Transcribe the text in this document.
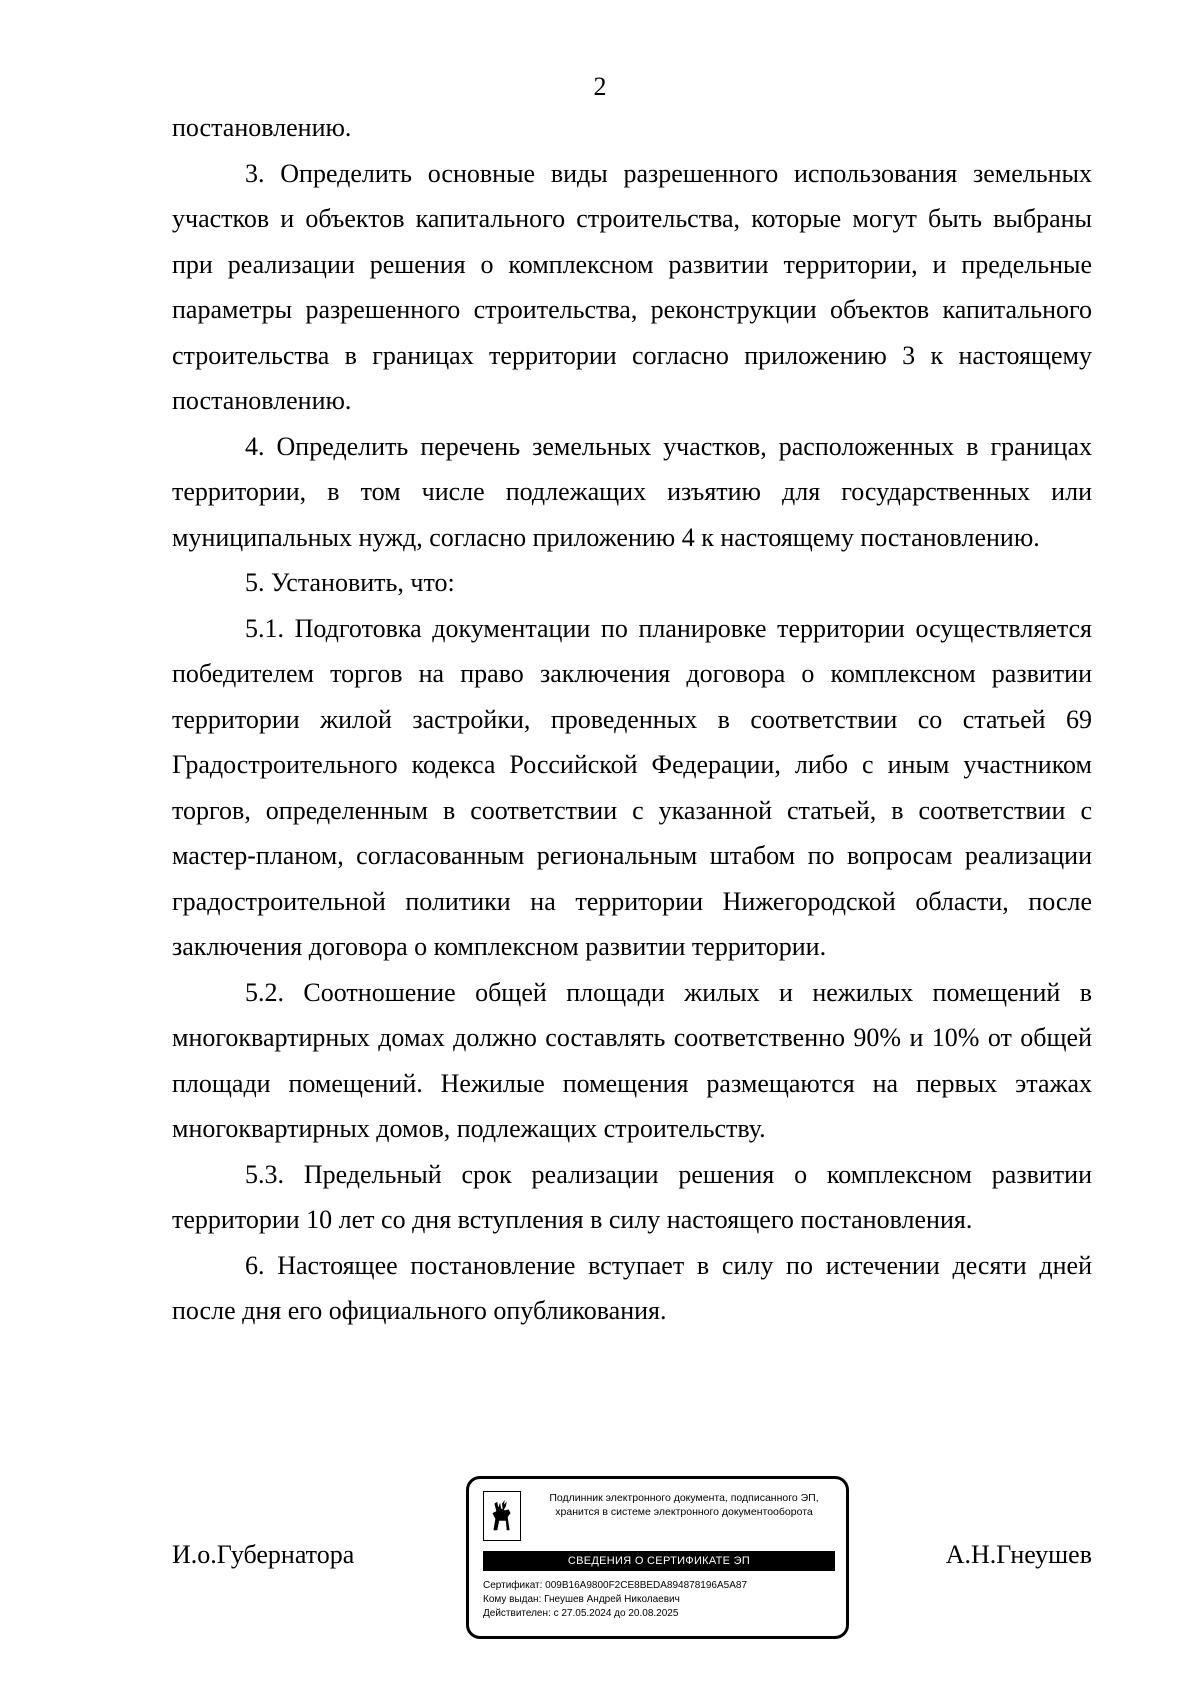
2

постановлению.

3. Определить основные виды разрешенного использования земельных участков и объектов капитального строительства, которые могут быть выбраны при реализации решения о комплексном развитии территории, и предельные параметры разрешенного строительства, реконструкции объектов капитального строительства в границах территории согласно приложению 3 к настоящему постановлению.

4. Определить перечень земельных участков, расположенных в границах территории, в том числе подлежащих изъятию для государственных или муниципальных нужд, согласно приложению 4 к настоящему постановлению.

5. Установить, что:

5.1. Подготовка документации по планировке территории осуществляется победителем торгов на право заключения договора о комплексном развитии территории жилой застройки, проведенных в соответствии со статьей 69 Градостроительного кодекса Российской Федерации, либо с иным участником торгов, определенным в соответствии с указанной статьей, в соответствии с мастер-планом, согласованным региональным штабом по вопросам реализации градостроительной политики на территории Нижегородской области, после заключения договора о комплексном развитии территории.

5.2. Соотношение общей площади жилых и нежилых помещений в многоквартирных домах должно составлять соответственно 90% и 10% от общей площади помещений. Нежилые помещения размещаются на первых этажах многоквартирных домов, подлежащих строительству.

5.3. Предельный срок реализации решения о комплексном развитии территории 10 лет со дня вступления в силу настоящего постановления.

6. Настоящее постановление вступает в силу по истечении десяти дней после дня его официального опубликования.

И.о.Губернатора	А.Н.Гнеушев
Подлинник электронного документа, подписанного ЭП,
хранится в системе электронного документооборота
СВЕДЕНИЯ О СЕРТИФИКАТЕ ЭП
Сертификат: 009B16A9800F2CE8BEDA894878196A5A87
Кому выдан: Гнеушев Андрей Николаевич
Действителен: с 27.05.2024 до 20.08.2025
